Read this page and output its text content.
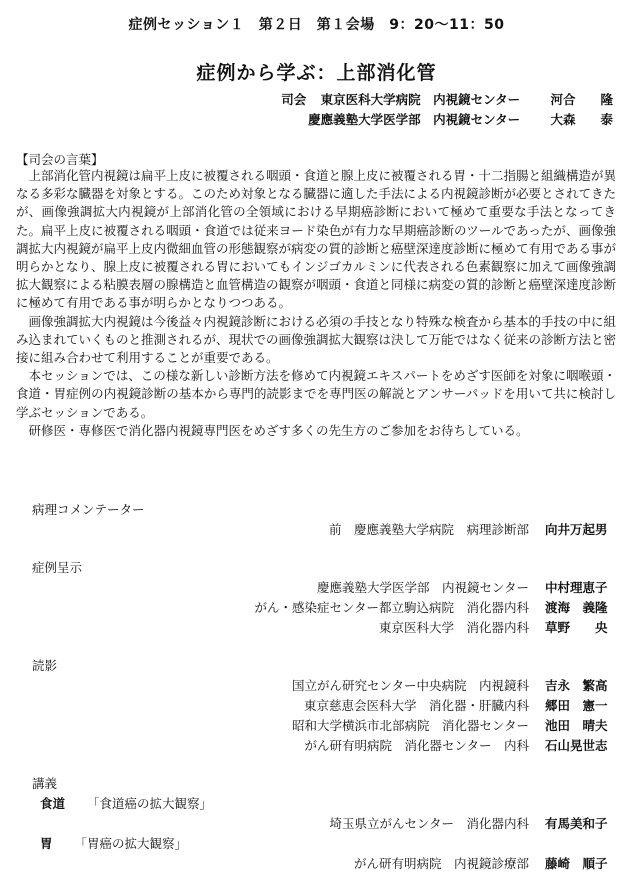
症例セッション１　第２日　第１会場　9：20〜11：50
症例から学ぶ：上部消化管
司会 東京医科大学病院　内視鏡センター 河合　　隆
慶應義塾大学医学部　内視鏡センター 大森　　泰
【司会の言葉】

上部消化管内視鏡は扁平上皮に被覆される咽頭・食道と腺上皮に被覆される胃・十二指腸と組織構造が異なる多彩な臓器を対象とする。このため対象となる臓器に適した手法による内視鏡診断が必要とされてきたが、画像強調拡大内視鏡が上部消化管の全領域における早期癌診断において極めて重要な手法となってきた。扁平上皮に被覆される咽頭・食道では従来ヨード染色が有力な早期癌診断のツールであったが、画像強調拡大内視鏡が扁平上皮内微細血管の形態観察が病変の質的診断と癌壁深達度診断に極めて有用である事が明らかとなり、腺上皮に被覆される胃においてもインジゴカルミンに代表される色素観察に加えて画像強調拡大観察による粘膜表層の腺構造と血管構造の観察が咽頭・食道と同様に病変の質的診断と癌壁深達度診断に極めて有用である事が明らかとなりつつある。

画像強調拡大内視鏡は今後益々内視鏡診断における必須の手技となり特殊な検査から基本的手技の中に組み込まれていくものと推測されるが、現状での画像強調拡大観察は決して万能ではなく従来の診断方法と密接に組み合わせて利用することが重要である。

本セッションでは、この様な新しい診断方法を修めて内視鏡エキスパートをめざす医師を対象に咽喉頭・食道・胃症例の内視鏡診断の基本から専門的読影までを専門医の解説とアンサーパッドを用いて共に検討し学ぶセッションである。

研修医・専修医で消化器内視鏡専門医をめざす多くの先生方のご参加をお待ちしている。

病理コメンテーター
前　慶應義塾大学病院　病理診断部 向井万起男
症例呈示
慶應義塾大学医学部　内視鏡センター 中村理恵子
がん・感染症センター都立駒込病院　消化器内科 渡海　義隆
東京医科大学　消化器内科 草野　　央
読影
国立がん研究センター中央病院　内視鏡科 吉永　繁高
東京慈恵会医科大学　消化器・肝臓内科 郷田　憲一
昭和大学横浜市北部病院　消化器センター 池田　晴夫
がん研有明病院　消化器センター　内科 石山晃世志
講義
食道 「食道癌の拡大観察」
埼玉県立がんセンター　消化器内科 有馬美和子
胃 「胃癌の拡大観察」
がん研有明病院　内視鏡診療部 藤崎　順子
